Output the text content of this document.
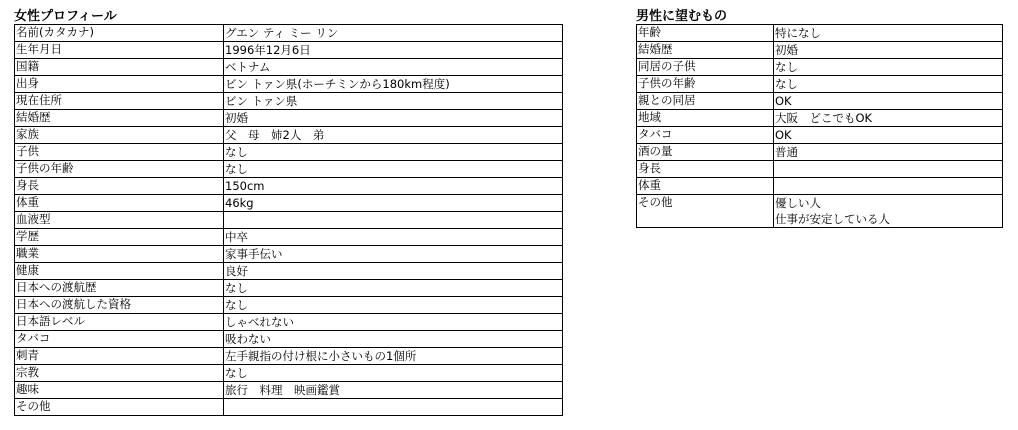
女性プロフィール
名前(カタカナ)	グエン ティ ミー リン

生年月日	1996年12月6日

国籍	ベトナム

出身	ビン トァン県(ホーチミンから180km程度)

現在住所	ビン トァン県

結婚歴	初婚

家族	父　母　姉2人　弟

子供	なし

子供の年齢	なし

身長	150cm

体重	46kg

血液型	

学歴	中卒

職業	家事手伝い

健康	良好

日本への渡航歴	なし

日本への渡航した資格	なし

日本語レベル	しゃべれない

タバコ	吸わない

刺青	左手親指の付け根に小さいもの1個所

宗教	なし

趣味	旅行　料理　映画鑑賞

その他	
男性に望むもの
年齢	特になし

結婚歴	初婚

同居の子供	なし

子供の年齢	なし

親との同居	OK

地域	大阪　どこでもOK

タバコ	OK

酒の量	普通

身長	

体重	

その他	優しい人
仕事が安定している人
